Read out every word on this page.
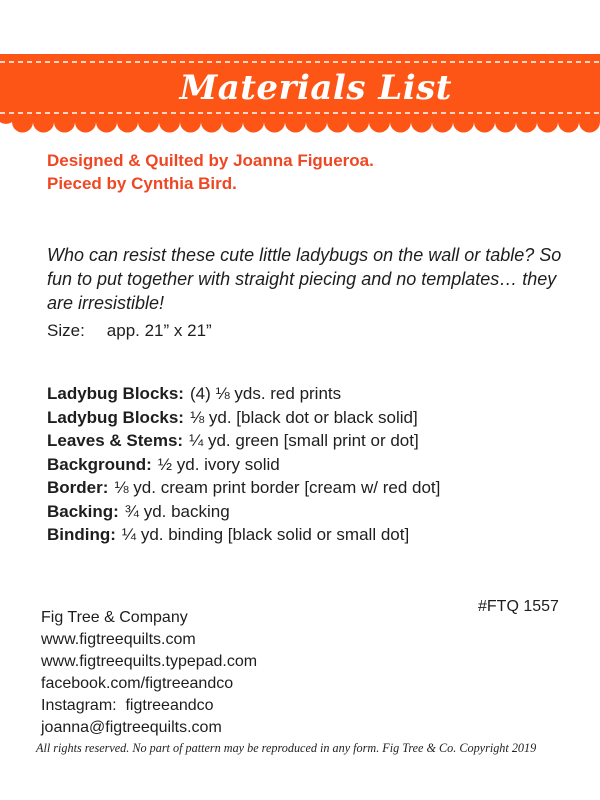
Materials List
Designed & Quilted by Joanna Figueroa.
Pieced by Cynthia Bird.
Who can resist these cute little ladybugs on the wall or table? So fun to put together with straight piecing and no templates… they are irresistible!
Size: app. 21” x 21”
Ladybug Blocks: (4) ⅛ yds. red prints
Ladybug Blocks: ⅛ yd. [black dot or black solid]
Leaves & Stems: ¼ yd. green [small print or dot]
Background: ½ yd. ivory solid
Border: ⅛ yd. cream print border [cream w/ red dot]
Backing: ¾ yd. backing
Binding: ¼ yd. binding [black solid or small dot]
#FTQ 1557
Fig Tree & Company
www.figtreequilts.com
www.figtreequilts.typepad.com
facebook.com/figtreeandco
Instagram: figtreeandco
joanna@figtreequilts.com
All rights reserved. No part of pattern may be reproduced in any form. Fig Tree & Co. Copyright 2019
